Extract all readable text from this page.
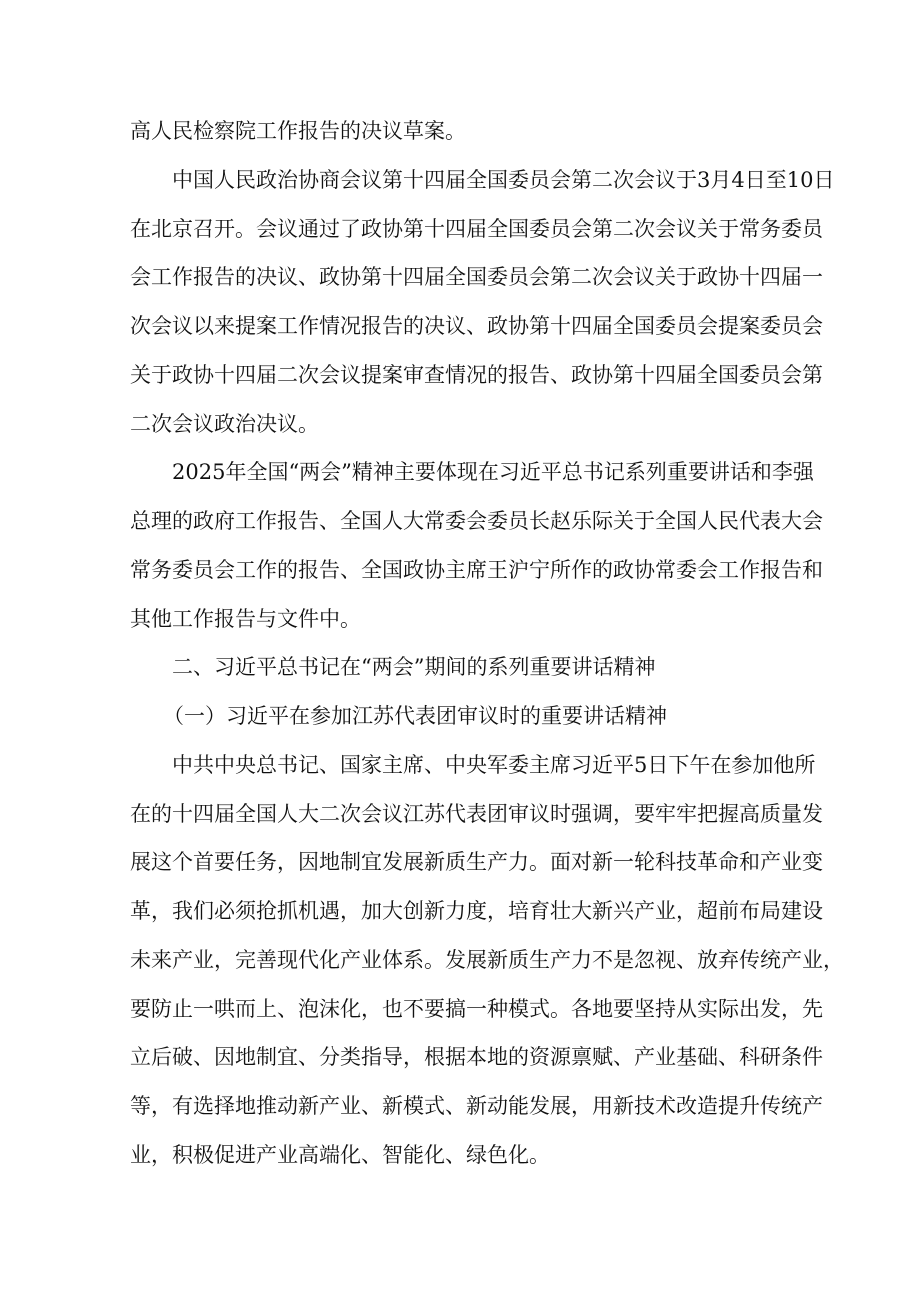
高人民检察院工作报告的决议草案。
中国人民政治协商会议第十四届全国委员会第二次会议于3月4日至10日
在北京召开。会议通过了政协第十四届全国委员会第二次会议关于常务委员
会工作报告的决议、政协第十四届全国委员会第二次会议关于政协十四届一
次会议以来提案工作情况报告的决议、政协第十四届全国委员会提案委员会
关于政协十四届二次会议提案审查情况的报告、政协第十四届全国委员会第
二次会议政治决议。
2025年全国“两会”精神主要体现在习近平总书记系列重要讲话和李强
总理的政府工作报告、全国人大常委会委员长赵乐际关于全国人民代表大会
常务委员会工作的报告、全国政协主席王沪宁所作的政协常委会工作报告和
其他工作报告与文件中。
二、习近平总书记在“两会”期间的系列重要讲话精神
（一）习近平在参加江苏代表团审议时的重要讲话精神
中共中央总书记、国家主席、中央军委主席习近平5日下午在参加他所
在的十四届全国人大二次会议江苏代表团审议时强调，要牢牢把握高质量发
展这个首要任务，因地制宜发展新质生产力。面对新一轮科技革命和产业变
革，我们必须抢抓机遇，加大创新力度，培育壮大新兴产业，超前布局建设
未来产业，完善现代化产业体系。发展新质生产力不是忽视、放弃传统产业，
要防止一哄而上、泡沫化，也不要搞一种模式。各地要坚持从实际出发，先
立后破、因地制宜、分类指导，根据本地的资源禀赋、产业基础、科研条件
等，有选择地推动新产业、新模式、新动能发展，用新技术改造提升传统产
业，积极促进产业高端化、智能化、绿色化。
